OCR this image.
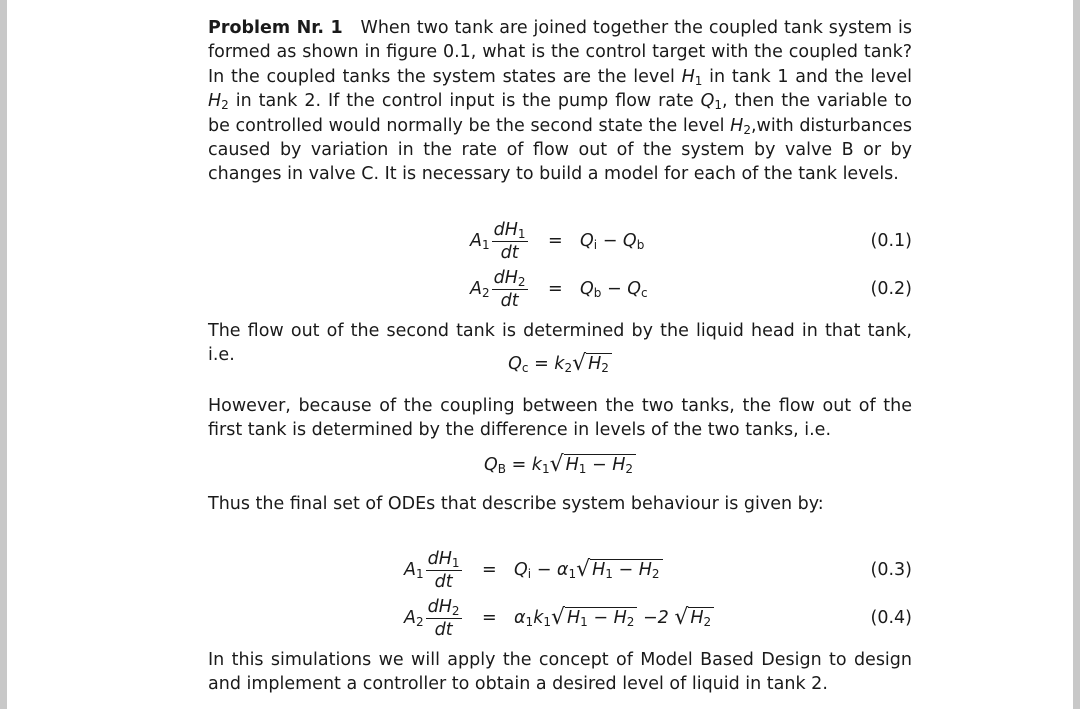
Problem Nr. 1 When two tank are joined together the coupled tank system is formed as shown in figure 0.1, what is the control target with the coupled tank? In the coupled tanks the system states are the level $H_1$ in tank 1 and the level $H_2$ in tank 2. If the control input is the pump flow rate $Q_1$, then the variable to be controlled would normally be the second state the level $H_2,with$ disturbances caused by variation in the rate of flow out of the system by valve B or by changes in valve C. It is necessary to build a model for each of the tank levels.

$A_1 \frac{dH_1}{dt} = Q_i - Q_b$	(0.1)
$A_2 \frac{dH_2}{dt} = Q_b - Q_c$	(0.2)

The flow out of the second tank is determined by the liquid head in that tank, i.e.	$Q_c = k_2√$ $H_2$

However, because of the coupling between the two tanks, the flow out of the first tank is determined by the difference in levels of the two tanks, i.e.

$Q_B = k_1√$ $H_1 - H_2$

Thus the final set of ODEs that describe system behaviour is given by:

$A_1 \frac{dH_1}{dt} = Q_i - \alpha_1√$ $H_1 - H_2$	(0.3)
$A_2 \frac{dH_2}{dt} = \alpha_1k_1√$ $H_1 - H_2 -2$ √ $H_2$	(0.4)

In this simulations we will apply the concept of Model Based Design to design and implement a controller to obtain a desired level of liquid in tank 2.
